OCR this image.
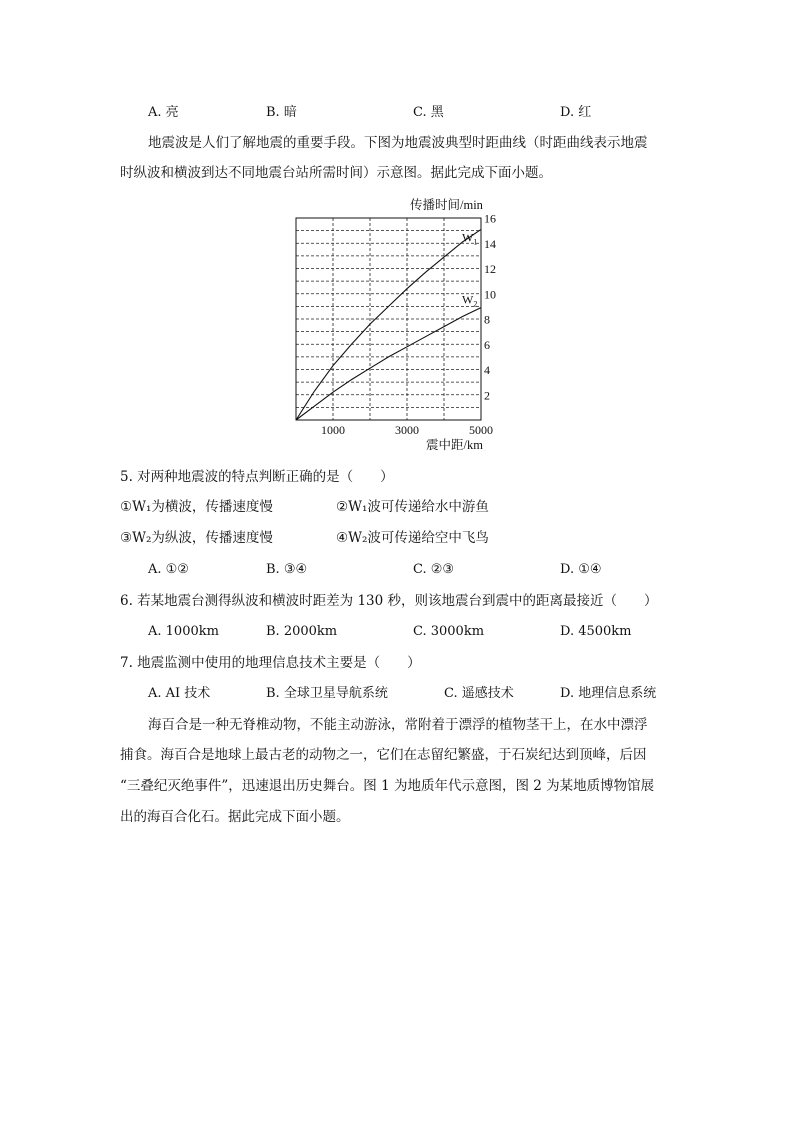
A. 亮	B. 暗	C. 黑	D. 红
地震波是人们了解地震的重要手段。下图为地震波典型时距曲线（时距曲线表示地震
时纵波和横波到达不同地震台站所需时间）示意图。据此完成下面小题。
$W_1$
$W_2$
2
4
6
8
10
12
14
16
1000	3000	5000
传播时间/min
震中距/km
5. 对两种地震波的特点判断正确的是（　　）
①W₁为横波，传播速度慢	②W₁波可传递给水中游鱼
③W₂为纵波，传播速度慢	④W₂波可传递给空中飞鸟
A. ①②	B. ③④	C. ②③	D. ①④
6. 若某地震台测得纵波和横波时距差为 130 秒，则该地震台到震中的距离最接近（　　）
A. 1000km	B. 2000km	C. 3000km	D. 4500km
7. 地震监测中使用的地理信息技术主要是（　　）
A. AI 技术	B. 全球卫星导航系统	C. 遥感技术	D. 地理信息系统
海百合是一种无脊椎动物，不能主动游泳，常附着于漂浮的植物茎干上，在水中漂浮
捕食。海百合是地球上最古老的动物之一，它们在志留纪繁盛，于石炭纪达到顶峰，后因
“三叠纪灭绝事件”，迅速退出历史舞台。图 1 为地质年代示意图，图 2 为某地质博物馆展
出的海百合化石。据此完成下面小题。
